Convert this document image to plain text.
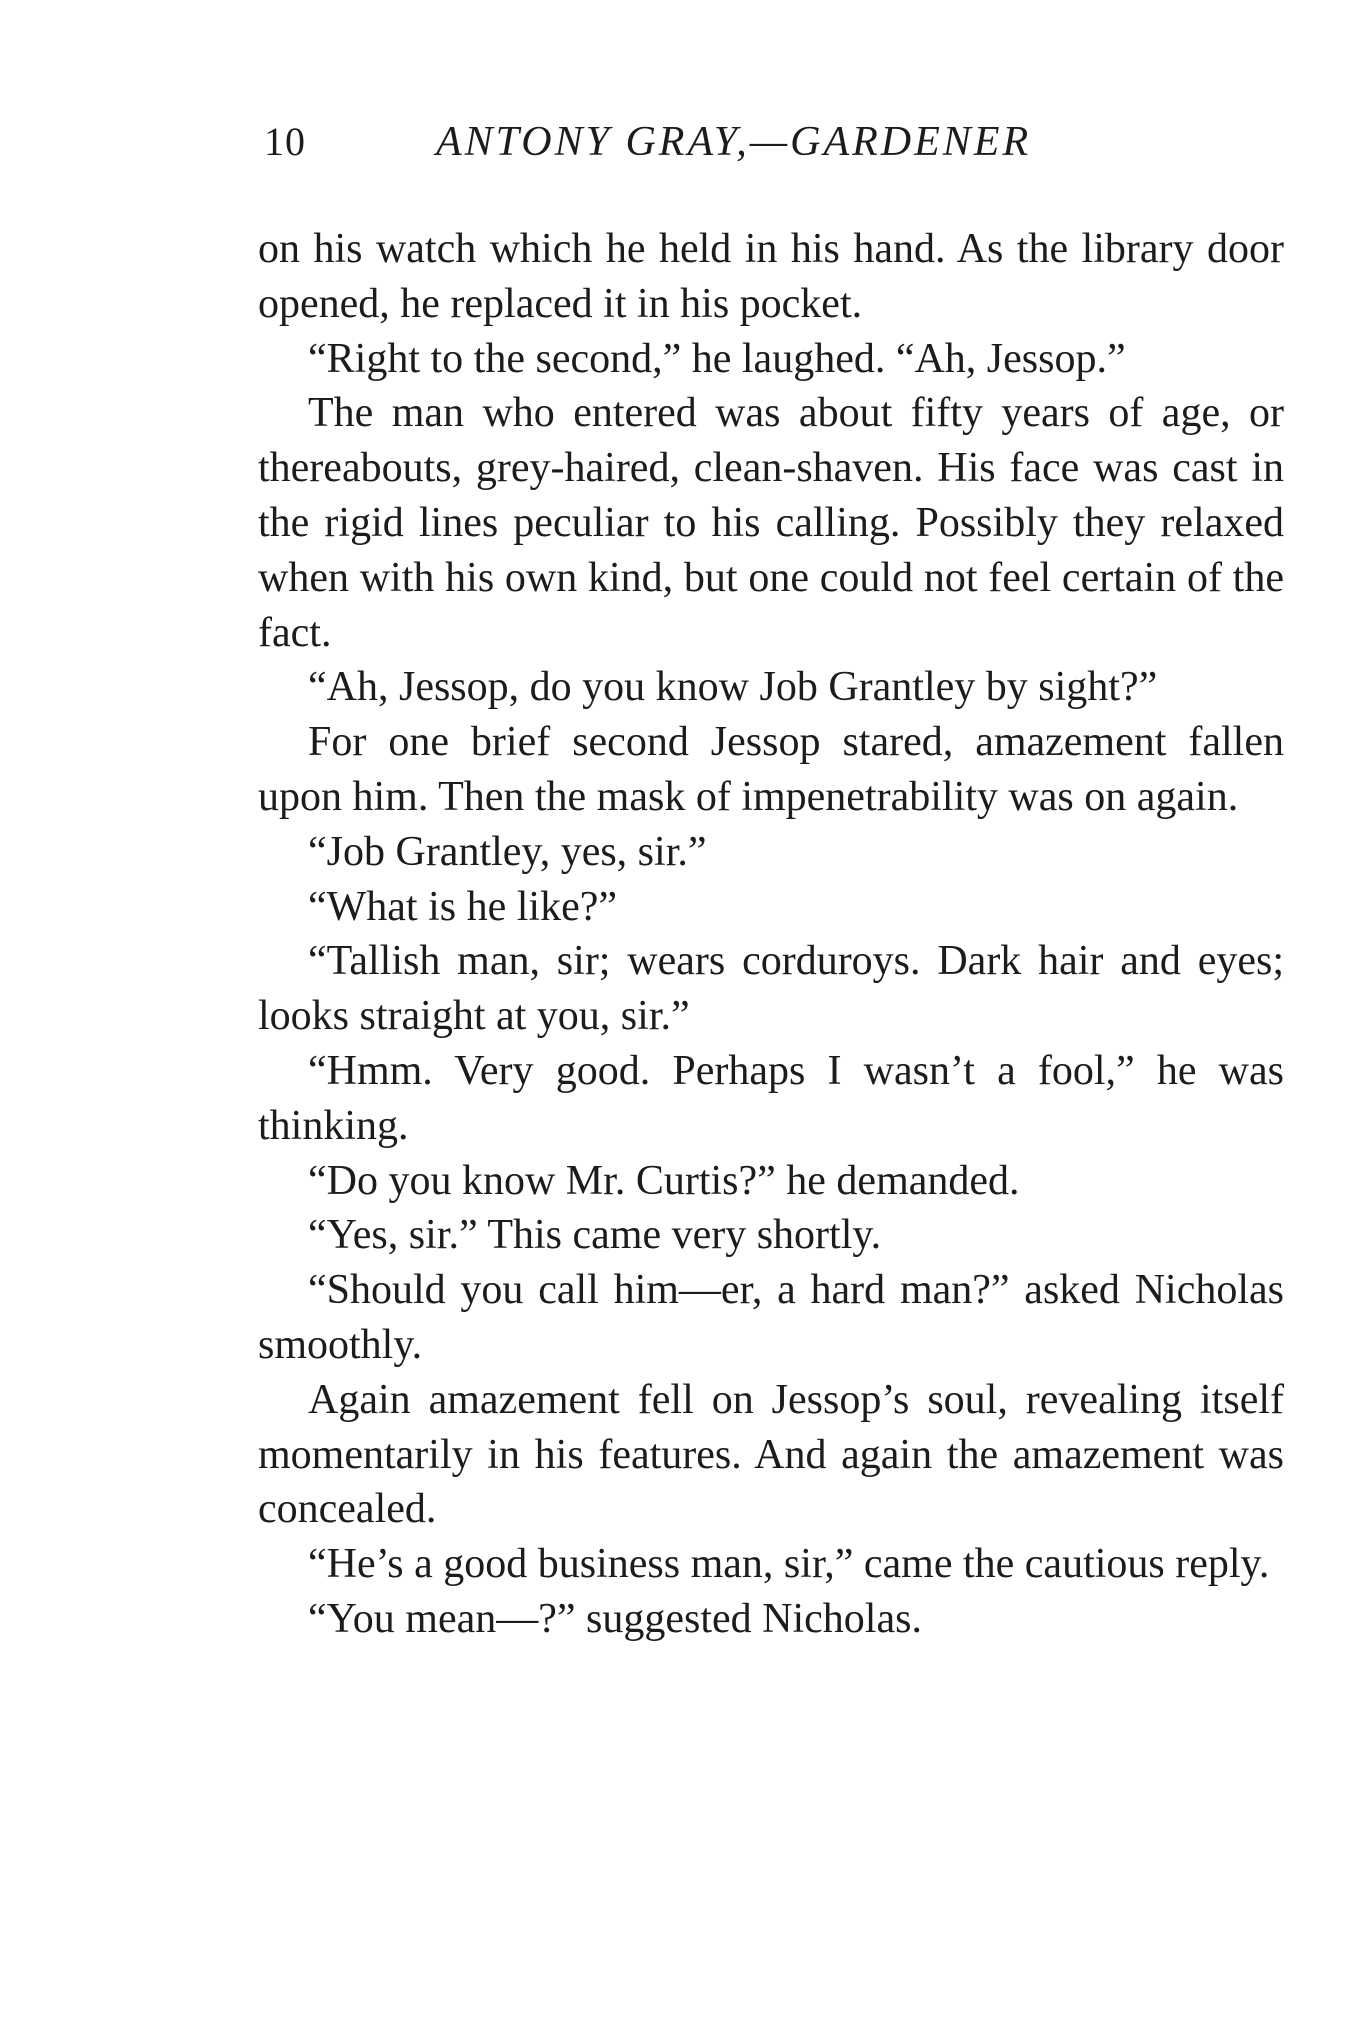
10	ANTONY GRAY,—GARDENER

on his watch which he held in his hand. As the library door opened, he replaced it in his pocket.

“Right to the second,” he laughed. “Ah, Jessop.”

The man who entered was about fifty years of age, or thereabouts, grey-haired, clean-shaven. His face was cast in the rigid lines peculiar to his calling. Possibly they relaxed when with his own kind, but one could not feel certain of the fact.

“Ah, Jessop, do you know Job Grantley by sight?”

For one brief second Jessop stared, amazement fallen upon him. Then the mask of impenetrability was on again.

“Job Grantley, yes, sir.”

“What is he like?”

“Tallish man, sir; wears corduroys. Dark hair and eyes; looks straight at you, sir.”

“Hmm. Very good. Perhaps I wasn’t a fool,” he was thinking.

“Do you know Mr. Curtis?” he demanded.

“Yes, sir.” This came very shortly.

“Should you call him—er, a hard man?” asked Nicholas smoothly.

Again amazement fell on Jessop’s soul, revealing itself momentarily in his features. And again the amazement was concealed.

“He’s a good business man, sir,” came the cautious reply.

“You mean—?” suggested Nicholas.
